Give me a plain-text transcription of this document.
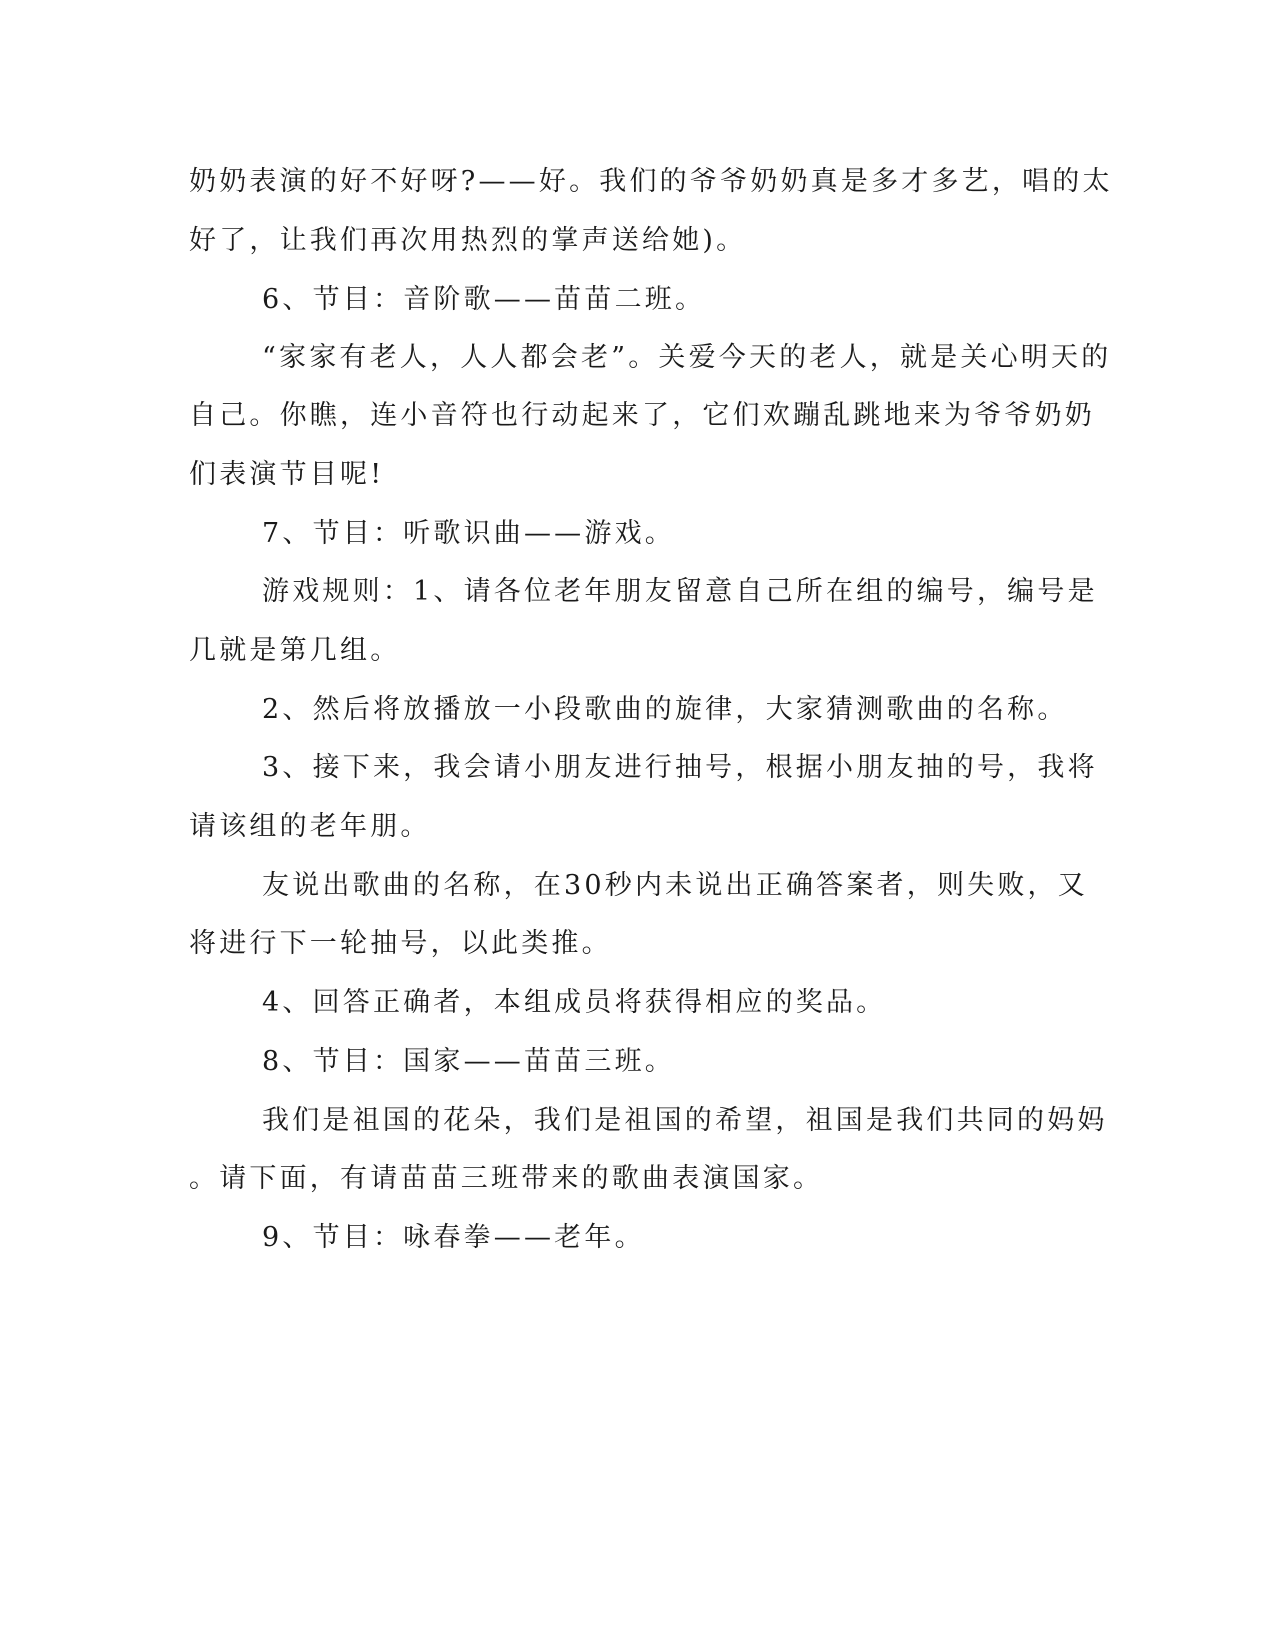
奶奶表演的好不好呀?——好。我们的爷爷奶奶真是多才多艺，唱的太
好了，让我们再次用热烈的掌声送给她)。
6、节目：音阶歌——苗苗二班。
“家家有老人，人人都会老”。关爱今天的老人，就是关心明天的
自己。你瞧，连小音符也行动起来了，它们欢蹦乱跳地来为爷爷奶奶
们表演节目呢!
7、节目：听歌识曲——游戏。
游戏规则：1、请各位老年朋友留意自己所在组的编号，编号是
几就是第几组。
2、然后将放播放一小段歌曲的旋律，大家猜测歌曲的名称。
3、接下来，我会请小朋友进行抽号，根据小朋友抽的号，我将
请该组的老年朋。
友说出歌曲的名称，在30秒内未说出正确答案者，则失败，又
将进行下一轮抽号，以此类推。
4、回答正确者，本组成员将获得相应的奖品。
8、节目：国家——苗苗三班。
我们是祖国的花朵，我们是祖国的希望，祖国是我们共同的妈妈
。请下面，有请苗苗三班带来的歌曲表演国家。
9、节目：咏春拳——老年。
